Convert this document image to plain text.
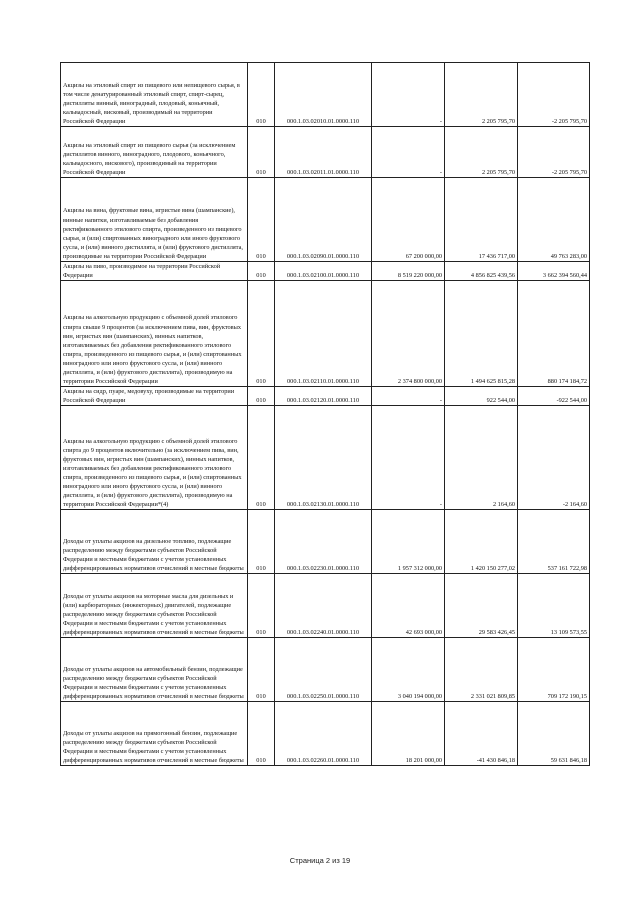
Акцизы на этиловый спирт из пищевого или непищевого сырья, в том числе денатурированный этиловый спирт, спирт-сырец, дистилляты винный, виноградный, плодовый, коньячный, кальвадосный, висковый, производимый на территории Российской Федерации	010	000.1.03.02010.01.0000.110	-	2 205 795,70	-2 205 795,70
Акцизы на этиловый спирт из пищевого сырья (за исключением дистиллятов винного, виноградного, плодового, коньячного, кальвадосного, вискового), производимый на территории Российской Федерации	010	000.1.03.02011.01.0000.110	-	2 205 795,70	-2 205 795,70
Акцизы на вина, фруктовые вина, игристые вина (шампанские), винные напитки, изготавливаемые без добавления ректификованного этилового спирта, произведенного из пищевого сырья, и (или) спиртованных виноградного или иного фруктового сусла, и (или) винного дистиллята, и (или) фруктового дистиллята, производимые на территории Российской Федерации	010	000.1.03.02090.01.0000.110	67 200 000,00	17 436 717,00	49 763 283,00
Акцизы на пиво, производимое на территории Российской Федерации	010	000.1.03.02100.01.0000.110	8 519 220 000,00	4 856 825 439,56	3 662 394 560,44
Акцизы на алкогольную продукцию с объемной долей этилового спирта свыше 9 процентов (за исключением пива, вин, фруктовых вин, игристых вин (шампанских), винных напитков, изготавливаемых без добавления ректификованного этилового спирта, произведенного из пищевого сырья, и (или) спиртованных виноградного или иного фруктового сусла, и (или) винного дистиллята, и (или) фруктового дистиллята), производимую на территории Российской Федерации	010	000.1.03.02110.01.0000.110	2 374 800 000,00	1 494 625 815,28	880 174 184,72
Акцизы на сидр, пуаре, медовуху, производимые на территории Российской Федерации	010	000.1.03.02120.01.0000.110	-	922 544,00	-922 544,00
Акцизы на алкогольную продукцию с объемной долей этилового спирта до 9 процентов включительно (за исключением пива, вин, фруктовых вин, игристых вин (шампанских), винных напитков, изготавливаемых без добавления ректификованного этилового спирта, произведенного из пищевого сырья, и (или) спиртованных виноградного или иного фруктового сусла, и (или) винного дистиллята, и (или) фруктового дистиллята), производимую на территории Российской Федерации*(4)	010	000.1.03.02130.01.0000.110	-	2 164,60	-2 164,60
Доходы от уплаты акцизов на дизельное топливо, подлежащие распределению между бюджетами субъектов Российской Федерации и местными бюджетами с учетом установленных дифференцированных нормативов отчислений в местные бюджеты	010	000.1.03.02230.01.0000.110	1 957 312 000,00	1 420 150 277,02	537 161 722,98
Доходы от уплаты акцизов на моторные масла для дизельных и (или) карбюраторных (инжекторных) двигателей, подлежащие распределению между бюджетами субъектов Российской Федерации и местными бюджетами с учетом установленных дифференцированных нормативов отчислений в местные бюджеты	010	000.1.03.02240.01.0000.110	42 693 000,00	29 583 426,45	13 109 573,55
Доходы от уплаты акцизов на автомобильный бензин, подлежащие распределению между бюджетами субъектов Российской Федерации и местными бюджетами с учетом установленных дифференцированных нормативов отчислений в местные бюджеты	010	000.1.03.02250.01.0000.110	3 040 194 000,00	2 331 021 809,85	709 172 190,15
Доходы от уплаты акцизов на прямогонный бензин, подлежащие распределению между бюджетами субъектов Российской Федерации и местными бюджетами с учетом установленных дифференцированных нормативов отчислений в местные бюджеты	010	000.1.03.02260.01.0000.110	18 201 000,00	-41 430 846,18	59 631 846,18
Страница 2 из 19
